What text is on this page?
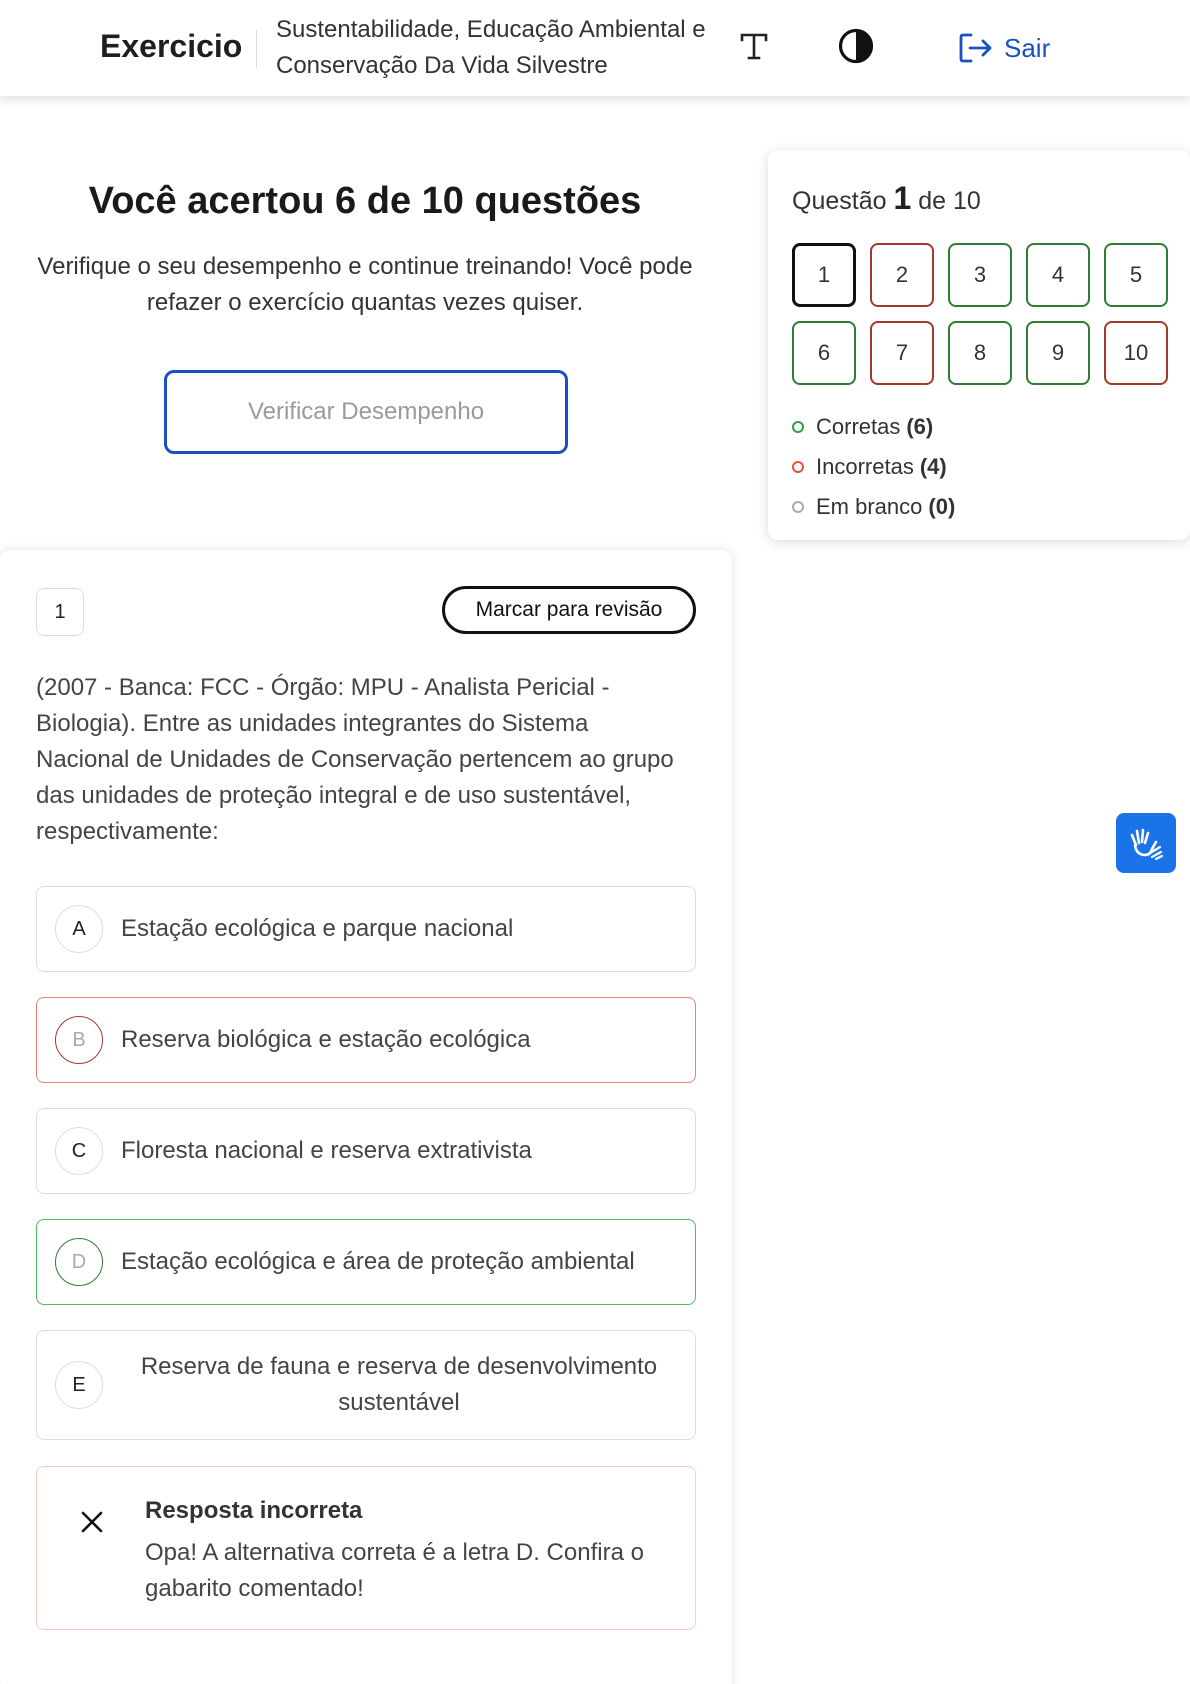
Exercicio Sustentabilidade, Educação Ambiental e Conservação Da Vida Silvestre
Sair
Você acertou 6 de 10 questões
Verifique o seu desempenho e continue treinando! Você pode refazer o exercício quantas vezes quiser.
Verificar Desempenho
Questão 1 de 10
1	2	3	4	5
6	7	8	9	10
Corretas (6)
Incorretas (4)
Em branco (0)
1	Marcar para revisão
(2007 - Banca: FCC - Órgão: MPU - Analista Pericial - Biologia). Entre as unidades integrantes do Sistema Nacional de Unidades de Conservação pertencem ao grupo das unidades de proteção integral e de uso sustentável, respectivamente:
A	Estação ecológica e parque nacional
B	Reserva biológica e estação ecológica
C	Floresta nacional e reserva extrativista
D	Estação ecológica e área de proteção ambiental
E
Reserva de fauna e reserva de desenvolvimento sustentável
Resposta incorreta
Opa! A alternativa correta é a letra D. Confira o gabarito comentado!
